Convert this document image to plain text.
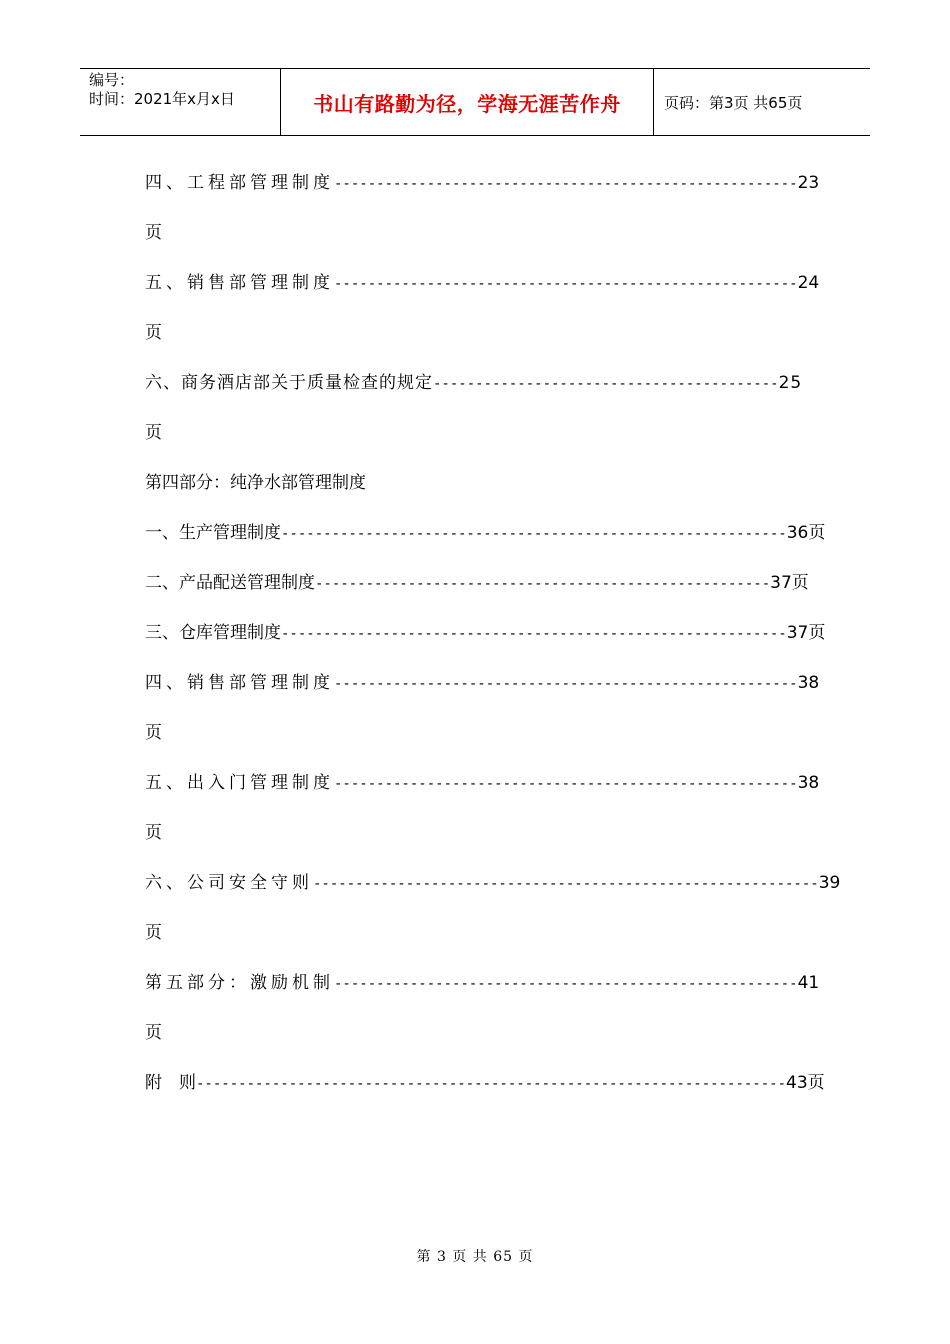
编号：
时间：2021年x月x日	书山有路勤为径，学海无涯苦作舟	页码：第3页 共65页
四、工程部管理制度-------------------------------------------------------23
页
五、销售部管理制度-------------------------------------------------------24
页
六、商务酒店部关于质量检查的规定-----------------------------------------25
页
第四部分：纯净水部管理制度
一、生产管理制度------------------------------------------------------------36页
二、产品配送管理制度------------------------------------------------------37页
三、仓库管理制度------------------------------------------------------------37页
四、销售部管理制度-------------------------------------------------------38
页
五、出入门管理制度-------------------------------------------------------38
页
六、公司安全守则------------------------------------------------------------39
页
第五部分：激励机制-------------------------------------------------------41
页
附　则----------------------------------------------------------------------43页
第 3 页 共 65 页
